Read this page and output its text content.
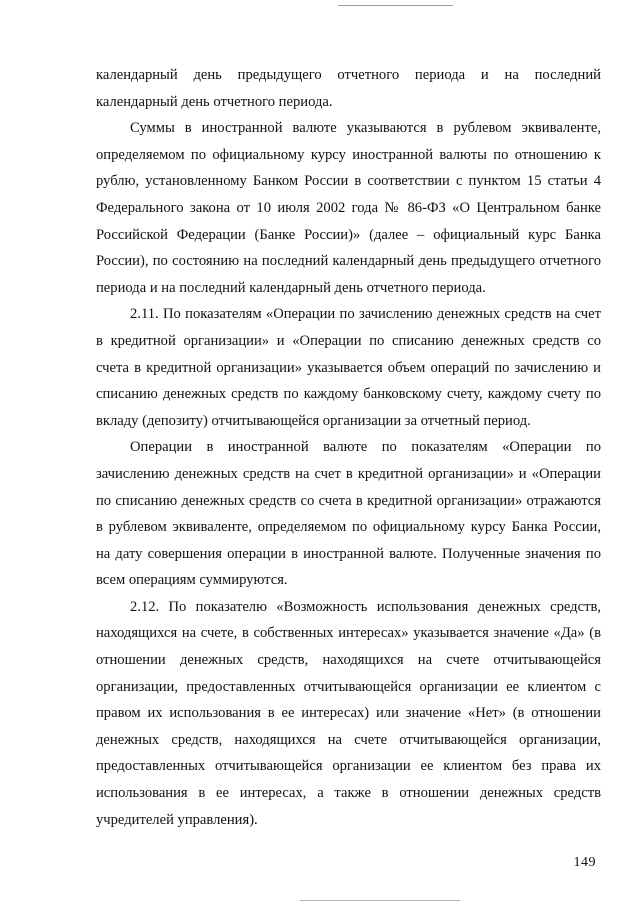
календарный день предыдущего отчетного периода и на последний календарный день отчетного периода.

Суммы в иностранной валюте указываются в рублевом эквиваленте, определяемом по официальному курсу иностранной валюты по отношению к рублю, установленному Банком России в соответствии с пунктом 15 статьи 4 Федерального закона от 10 июля 2002 года № 86-ФЗ «О Центральном банке Российской Федерации (Банке России)» (далее – официальный курс Банка России), по состоянию на последний календарный день предыдущего отчетного периода и на последний календарный день отчетного периода.

2.11. По показателям «Операции по зачислению денежных средств на счет в кредитной организации» и «Операции по списанию денежных средств со счета в кредитной организации» указывается объем операций по зачислению и списанию денежных средств по каждому банковскому счету, каждому счету по вкладу (депозиту) отчитывающейся организации за отчетный период.

Операции в иностранной валюте по показателям «Операции по зачислению денежных средств на счет в кредитной организации» и «Операции по списанию денежных средств со счета в кредитной организации» отражаются в рублевом эквиваленте, определяемом по официальному курсу Банка России, на дату совершения операции в иностранной валюте. Полученные значения по всем операциям суммируются.

2.12. По показателю «Возможность использования денежных средств, находящихся на счете, в собственных интересах» указывается значение «Да» (в отношении денежных средств, находящихся на счете отчитывающейся организации, предоставленных отчитывающейся организации ее клиентом с правом их использования в ее интересах) или значение «Нет» (в отношении денежных средств, находящихся на счете отчитывающейся организации, предоставленных отчитывающейся организации ее клиентом без права их использования в ее интересах, а также в отношении денежных средств учредителей управления).

149
